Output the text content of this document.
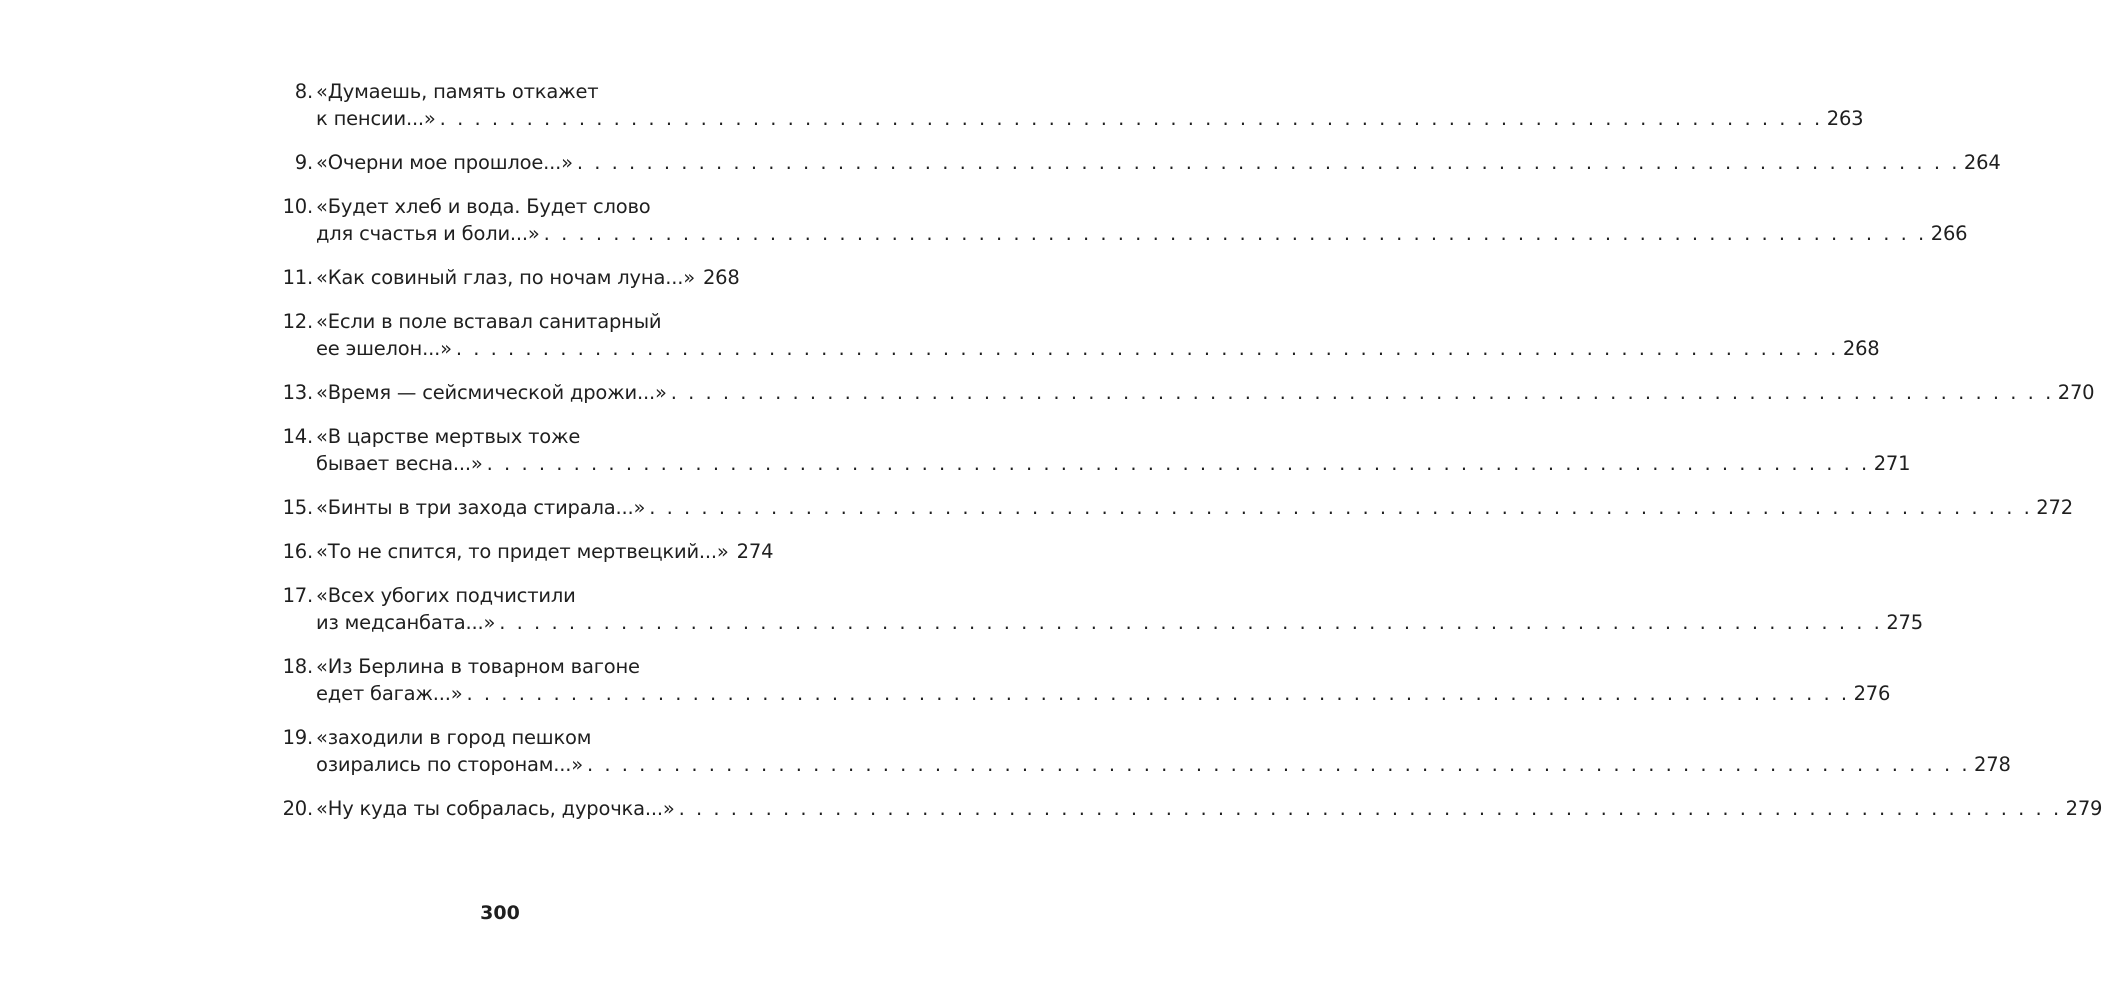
8. «Думаешь, память откажет
к пенсии...» . . . . . . . . . . . . . . . . . . . . . . . . . . . . . . . . . . . . . . . . . . . . . . . . . . . . . . . . . . . . . . . . . . . . . . . . . . . . . . . . 263
9. «Очерни мое прошлое...» . . . . . . . . . . . . . . . . . . . . . . . . . . . . . . . . . . . . . . . . . . . . . . . . . . . . . . . . . . . . . . . . . . . . . . . . . . . . . . . . 264
10. «Будет хлеб и вода. Будет слово
для счастья и боли...» . . . . . . . . . . . . . . . . . . . . . . . . . . . . . . . . . . . . . . . . . . . . . . . . . . . . . . . . . . . . . . . . . . . . . . . . . . . . . . . . 266
11. «Как совиный глаз, по ночам луна...» 268
12. «Если в поле вставал санитарный
ее эшелон...» . . . . . . . . . . . . . . . . . . . . . . . . . . . . . . . . . . . . . . . . . . . . . . . . . . . . . . . . . . . . . . . . . . . . . . . . . . . . . . . . 268
13. «Время — сейсмической дрожи...» . . . . . . . . . . . . . . . . . . . . . . . . . . . . . . . . . . . . . . . . . . . . . . . . . . . . . . . . . . . . . . . . . . . . . . . . . . . . . . . . 270
14. «В царстве мертвых тоже
бывает весна...» . . . . . . . . . . . . . . . . . . . . . . . . . . . . . . . . . . . . . . . . . . . . . . . . . . . . . . . . . . . . . . . . . . . . . . . . . . . . . . . . 271
15. «Бинты в три захода стирала...» . . . . . . . . . . . . . . . . . . . . . . . . . . . . . . . . . . . . . . . . . . . . . . . . . . . . . . . . . . . . . . . . . . . . . . . . . . . . . . . . 272
16. «То не спится, то придет мертвецкий...» 274
17. «Всех убогих подчистили
из медсанбата...» . . . . . . . . . . . . . . . . . . . . . . . . . . . . . . . . . . . . . . . . . . . . . . . . . . . . . . . . . . . . . . . . . . . . . . . . . . . . . . . . 275
18. «Из Берлина в товарном вагоне
едет багаж...» . . . . . . . . . . . . . . . . . . . . . . . . . . . . . . . . . . . . . . . . . . . . . . . . . . . . . . . . . . . . . . . . . . . . . . . . . . . . . . . . 276
19. «заходили в город пешком
озирались по сторонам...» . . . . . . . . . . . . . . . . . . . . . . . . . . . . . . . . . . . . . . . . . . . . . . . . . . . . . . . . . . . . . . . . . . . . . . . . . . . . . . . . 278
20. «Ну куда ты собралась, дурочка...» . . . . . . . . . . . . . . . . . . . . . . . . . . . . . . . . . . . . . . . . . . . . . . . . . . . . . . . . . . . . . . . . . . . . . . . . . . . . . . . . 279
300
